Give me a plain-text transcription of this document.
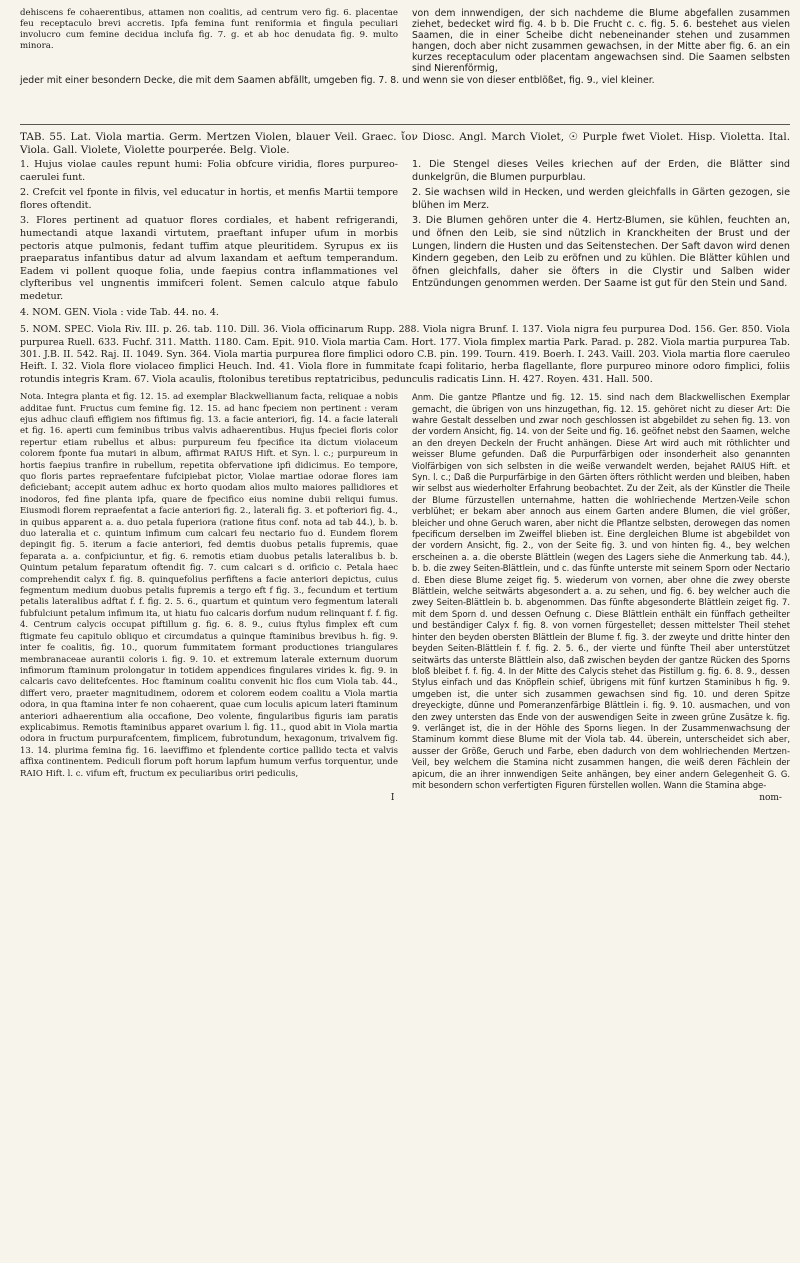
dehiscens fe cohaerentibus, attamen non coalitis, ad centrum vero fig. 6. placentae feu receptaculo brevi accretis. Ipfa femina funt reniformia et fingula peculiari involucro cum femine decidua inclufa fig. 7. g. et ab hoc denudata fig. 9. multo minora.
von dem innwendigen, der sich nachdeme die Blume abgefallen zusammen ziehet, bedecket wird fig. 4. b b. Die Frucht c. c. fig. 5. 6. bestehet aus vielen Saamen, die in einer Scheibe dicht nebeneinander stehen und zusammen hangen, doch aber nicht zusammen gewachsen, in der Mitte aber fig. 6. an ein kurzes receptaculum oder placentam angewachsen sind. Die Saamen selbsten sind Nierenförmig,
jeder mit einer besondern Decke, die mit dem Saamen abfällt, umgeben fig. 7. 8. und wenn sie von dieser entblößet, fig. 9., viel kleiner.

TAB. 55. Lat. Viola martia. Germ. Mertzen Violen, blauer Veil. Graec. ἴον Diosc. Angl. March Violet, ☉ Purple fwet Violet. Hisp. Violetta. Ital. Viola. Gall. Violete, Violette pourperée. Belg. Viole.

1. Hujus violae caules repunt humi: Folia obfcure viridia, flores purpureo-caerulei funt.

2. Crefcit vel fponte in filvis, vel educatur in hortis, et menfis Martii tempore flores oftendit.

3. Flores pertinent ad quatuor flores cordiales, et habent refrigerandi, humectandi atque laxandi virtutem, praeftant infuper ufum in morbis pectoris atque pulmonis, fedant tuffim atque pleuritidem. Syrupus ex iis praeparatus infantibus datur ad alvum laxandam et aeftum temperandum. Eadem vi pollent quoque folia, unde faepius contra inflammationes vel clyfteribus vel ungnentis immifceri folent. Semen calculo atque fabulo medetur.

4. NOM. GEN. Viola : vide Tab. 44. no. 4.

1. Die Stengel dieses Veiles kriechen auf der Erden, die Blätter sind dunkelgrün, die Blumen purpurblau.

2. Sie wachsen wild in Hecken, und werden gleichfalls in Gärten gezogen, sie blühen im Merz.

3. Die Blumen gehören unter die 4. Hertz-Blumen, sie kühlen, feuchten an, und öfnen den Leib, sie sind nützlich in Kranckheiten der Brust und der Lungen, lindern die Husten und das Seitenstechen. Der Saft davon wird denen Kindern gegeben, den Leib zu eröfnen und zu kühlen. Die Blätter kühlen und öfnen gleichfalls, daher sie öfters in die Clystir und Salben wider Entzündungen genommen werden. Der Saame ist gut für den Stein und Sand.

5. NOM. SPEC. Viola Riv. III. p. 26. tab. 110. Dill. 36. Viola officinarum Rupp. 288. Viola nigra Brunf. I. 137. Viola nigra feu purpurea Dod. 156. Ger. 850. Viola purpurea Ruell. 633. Fuchf. 311. Matth. 1180. Cam. Epit. 910. Viola martia Cam. Hort. 177. Viola fimplex martia Park. Parad. p. 282. Viola martia purpurea Tab. 301. J.B. II. 542. Raj. II. 1049. Syn. 364. Viola martia purpurea flore fimplici odoro C.B. pin. 199. Tourn. 419. Boerh. I. 243. Vaill. 203. Viola martia flore caeruleo Heift. I. 32. Viola flore violaceo fimplici Heuch. Ind. 41. Viola flore in fummitate fcapi folitario, herba flagellante, flore purpureo minore odoro fimplici, foliis rotundis integris Kram. 67. Viola acaulis, ftolonibus teretibus reptatricibus, pedunculis radicatis Linn. H. 427. Royen. 431. Hall. 500.

Nota. Integra planta et fig. 12. 15. ad exemplar Blackwellianum facta, reliquae a nobis additae funt. Fructus cum femine fig. 12. 15. ad hanc fpeciem non pertinent : veram ejus adhuc claufi effigiem nos fiftimus fig. 13. a facie anteriori, fig. 14. a facie laterali et fig. 16. aperti cum feminibus tribus valvis adhaerentibus. Hujus fpeciei floris color repertur etiam rubellus et albus: purpureum feu fpecifice ita dictum violaceum colorem fponte fua mutari in album, affirmat RAIUS Hift. et Syn. l. c.; purpureum in hortis faepius tranfire in rubellum, repetita obfervatione ipfi didicimus. Eo tempore, quo floris partes repraefentare fufcipiebat pictor, Violae martiae odorae flores iam deficiebant; accepit autem adhuc ex horto quodam alios multo maiores pallidiores et inodoros, fed fine planta ipfa, quare de fpecifico eius nomine dubii reliqui fumus. Eiusmodi florem repraefentat a facie anteriori fig. 2., laterali fig. 3. et pofteriori fig. 4., in quibus apparent a. a. duo petala fuperiora (ratione fitus conf. nota ad tab 44.), b. b. duo lateralia et c. quintum infimum cum calcari feu nectario fuo d. Eundem florem depingit fig. 5. iterum a facie anteriori, fed demtis duobus petalis fupremis, quae feparata a. a. confpiciuntur, et fig. 6. remotis etiam duobus petalis lateralibus b. b. Quintum petalum feparatum oftendit fig. 7. cum calcari s d. orificio c. Petala haec comprehendit calyx f. fig. 8. quinquefolius perfiftens a facie anteriori depictus, cuius fegmentum medium duobus petalis fupremis a tergo eft f fig. 3., fecundum et tertium petalis lateralibus adftat f. f. fig. 2. 5. 6., quartum et quintum vero fegmentum laterali fubfulciunt petalum infimum ita, ut hiatu fuo calcaris dorfum nudum relinquant f. f. fig. 4. Centrum calycis occupat piftillum g. fig. 6. 8. 9., cuius ftylus fimplex eft cum ftigmate feu capitulo obliquo et circumdatus a quinque ftaminibus brevibus h. fig. 9. inter fe coalitis, fig. 10., quorum fummitatem formant productiones triangulares membranaceae aurantii coloris i. fig. 9. 10. et extremum laterale externum duorum infimorum ftaminum prolongatur in totidem appendices fingulares virides k. fig. 9. in calcaris cavo delitefcentes. Hoc ftaminum coalitu convenit hic flos cum Viola tab. 44., differt vero, praeter magnitudinem, odorem et colorem eodem coalitu a Viola martia odora, in qua ftamina inter fe non cohaerent, quae cum loculis apicum lateri ftaminum anteriori adhaerentium alia occafione, Deo volente, fingularibus figuris iam paratis explicabimus. Remotis ftaminibus apparet ovarium l. fig. 11., quod abit in Viola martia odora in fructum purpurafcentem, fimplicem, fubrotundum, hexagonum, trivalvem fig. 13. 14. plurima femina fig. 16. laeviffimo et fplendente cortice pallido tecta et valvis affixa continentem. Pediculi florum poft horum lapfum humum verfus torquentur, unde RAIO Hift. l. c. vifum eft, fructum ex peculiaribus oriri pediculis,
Anm. Die gantze Pflantze und fig. 12. 15. sind nach dem Blackwellischen Exemplar gemacht, die übrigen von uns hinzugethan, fig. 12. 15. gehöret nicht zu dieser Art: Die wahre Gestalt desselben und zwar noch geschlossen ist abgebildet zu sehen fig. 13. von der vordern Ansicht, fig. 14. von der Seite und fig. 16. geöfnet nebst den Saamen, welche an den dreyen Deckeln der Frucht anhängen. Diese Art wird auch mit röthlichter und weisser Blume gefunden. Daß die Purpurfärbigen oder insonderheit also genannten Violfärbigen von sich selbsten in die weiße verwandelt werden, bejahet RAIUS Hift. et Syn. l. c.; Daß die Purpurfärbige in den Gärten öfters röthlicht werden und bleiben, haben wir selbst aus wiederholter Erfahrung beobachtet. Zu der Zeit, als der Künstler die Theile der Blume fürzustellen unternahme, hatten die wohlriechende Mertzen-Veile schon verblühet; er bekam aber annoch aus einem Garten andere Blumen, die viel größer, bleicher und ohne Geruch waren, aber nicht die Pflantze selbsten, derowegen das nomen fpecificum derselben im Zweiffel blieben ist. Eine dergleichen Blume ist abgebildet von der vordern Ansicht, fig. 2., von der Seite fig. 3. und von hinten fig. 4., bey welchen erscheinen a. a. die oberste Blättlein (wegen des Lagers siehe die Anmerkung tab. 44.), b. b. die zwey Seiten-Blättlein, und c. das fünfte unterste mit seinem Sporn oder Nectario d. Eben diese Blume zeiget fig. 5. wiederum von vornen, aber ohne die zwey oberste Blättlein, welche seitwärts abgesondert a. a. zu sehen, und fig. 6. bey welcher auch die zwey Seiten-Blättlein b. b. abgenommen. Das fünfte abgesonderte Blättlein zeiget fig. 7. mit dem Sporn d. und dessen Oefnung c. Diese Blättlein enthält ein fünffach getheilter und beständiger Calyx f. fig. 8. von vornen fürgestellet; dessen mittelster Theil stehet hinter den beyden obersten Blättlein der Blume f. fig. 3. der zweyte und dritte hinter den beyden Seiten-Blättlein f. f. fig. 2. 5. 6., der vierte und fünfte Theil aber unterstützet seitwärts das unterste Blättlein also, daß zwischen beyden der gantze Rücken des Sporns bloß bleibet f. f. fig. 4. In der Mitte des Calycis stehet das Pistillum g. fig. 6. 8. 9., dessen Stylus einfach und das Knöpflein schief, übrigens mit fünf kurtzen Staminibus h fig. 9. umgeben ist, die unter sich zusammen gewachsen sind fig. 10. und deren Spitze dreyeckigte, dünne und Pomeranzenfärbige Blättlein i. fig. 9. 10. ausmachen, und von den zwey untersten das Ende von der auswendigen Seite in zween grüne Zusätze k. fig. 9. verlänget ist, die in der Höhle des Sporns liegen. In der Zusammenwachsung der Staminum kommt diese Blume mit der Viola tab. 44. überein, unterscheidet sich aber, ausser der Größe, Geruch und Farbe, eben dadurch von dem wohlriechenden Mertzen-Veil, bey welchem die Stamina nicht zusammen hangen, die weiß deren Fächlein der apicum, die an ihrer innwendigen Seite anhängen, bey einer andern Gelegenheit G. G. mit besondern schon verfertigten Figuren fürstellen wollen. Wann die Stamina abge-
I	nom-
